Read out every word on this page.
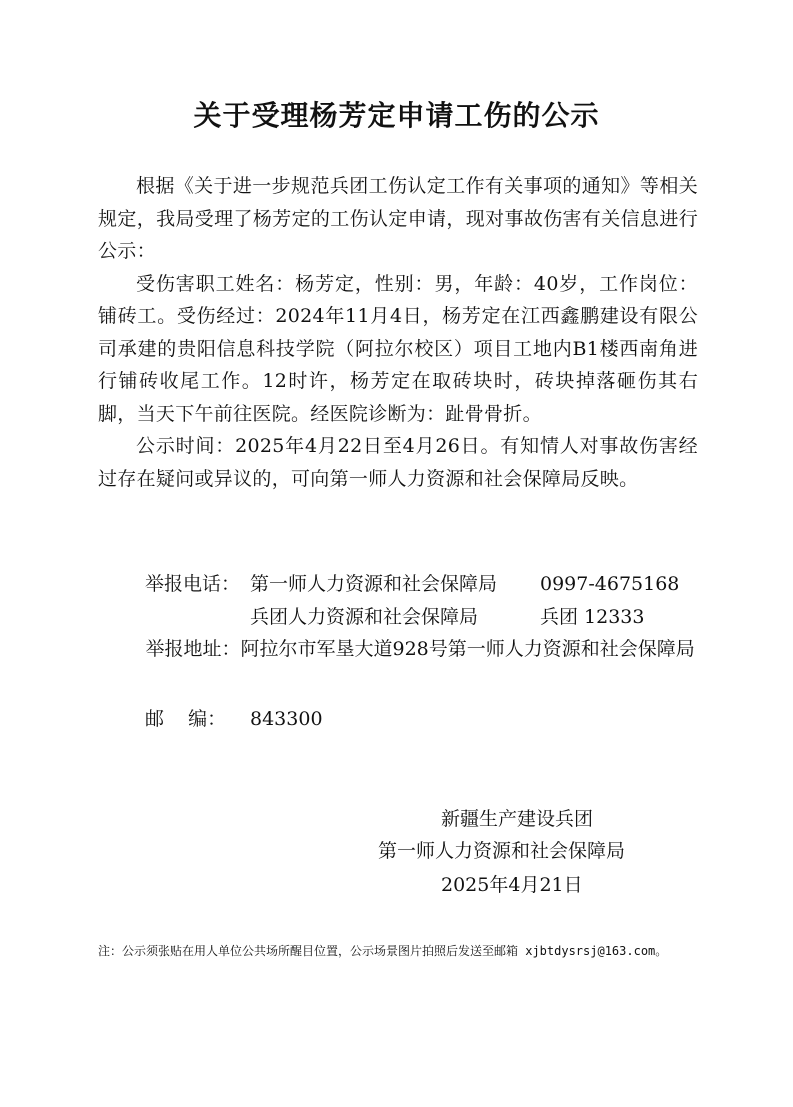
关于受理杨芳定申请工伤的公示

根据《关于进一步规范兵团工伤认定工作有关事项的通知》等相关规定，我局受理了杨芳定的工伤认定申请，现对事故伤害有关信息进行公示：

受伤害职工姓名：杨芳定，性别：男，年龄：40岁，工作岗位：铺砖工。受伤经过：2024年11月4日，杨芳定在江西鑫鹏建设有限公司承建的贵阳信息科技学院（阿拉尔校区）项目工地内B1楼西南角进行铺砖收尾工作。12时许，杨芳定在取砖块时，砖块掉落砸伤其右脚，当天下午前往医院。经医院诊断为：趾骨骨折。

公示时间：2025年4月22日至4月26日。有知情人对事故伤害经过存在疑问或异议的，可向第一师人力资源和社会保障局反映。

举报电话： 第一师人力资源和社会保障局 0997-4675168
兵团人力资源和社会保障局	兵团 12333

举报地址：阿拉尔市军垦大道928号第一师人力资源和社会保障局

邮    编： 843300
新疆生产建设兵团
第一师人力资源和社会保障局
2025年4月21日
注：公示须张贴在用人单位公共场所醒目位置，公示场景图片拍照后发送至邮箱 xjbtdysrsj@163.com。
